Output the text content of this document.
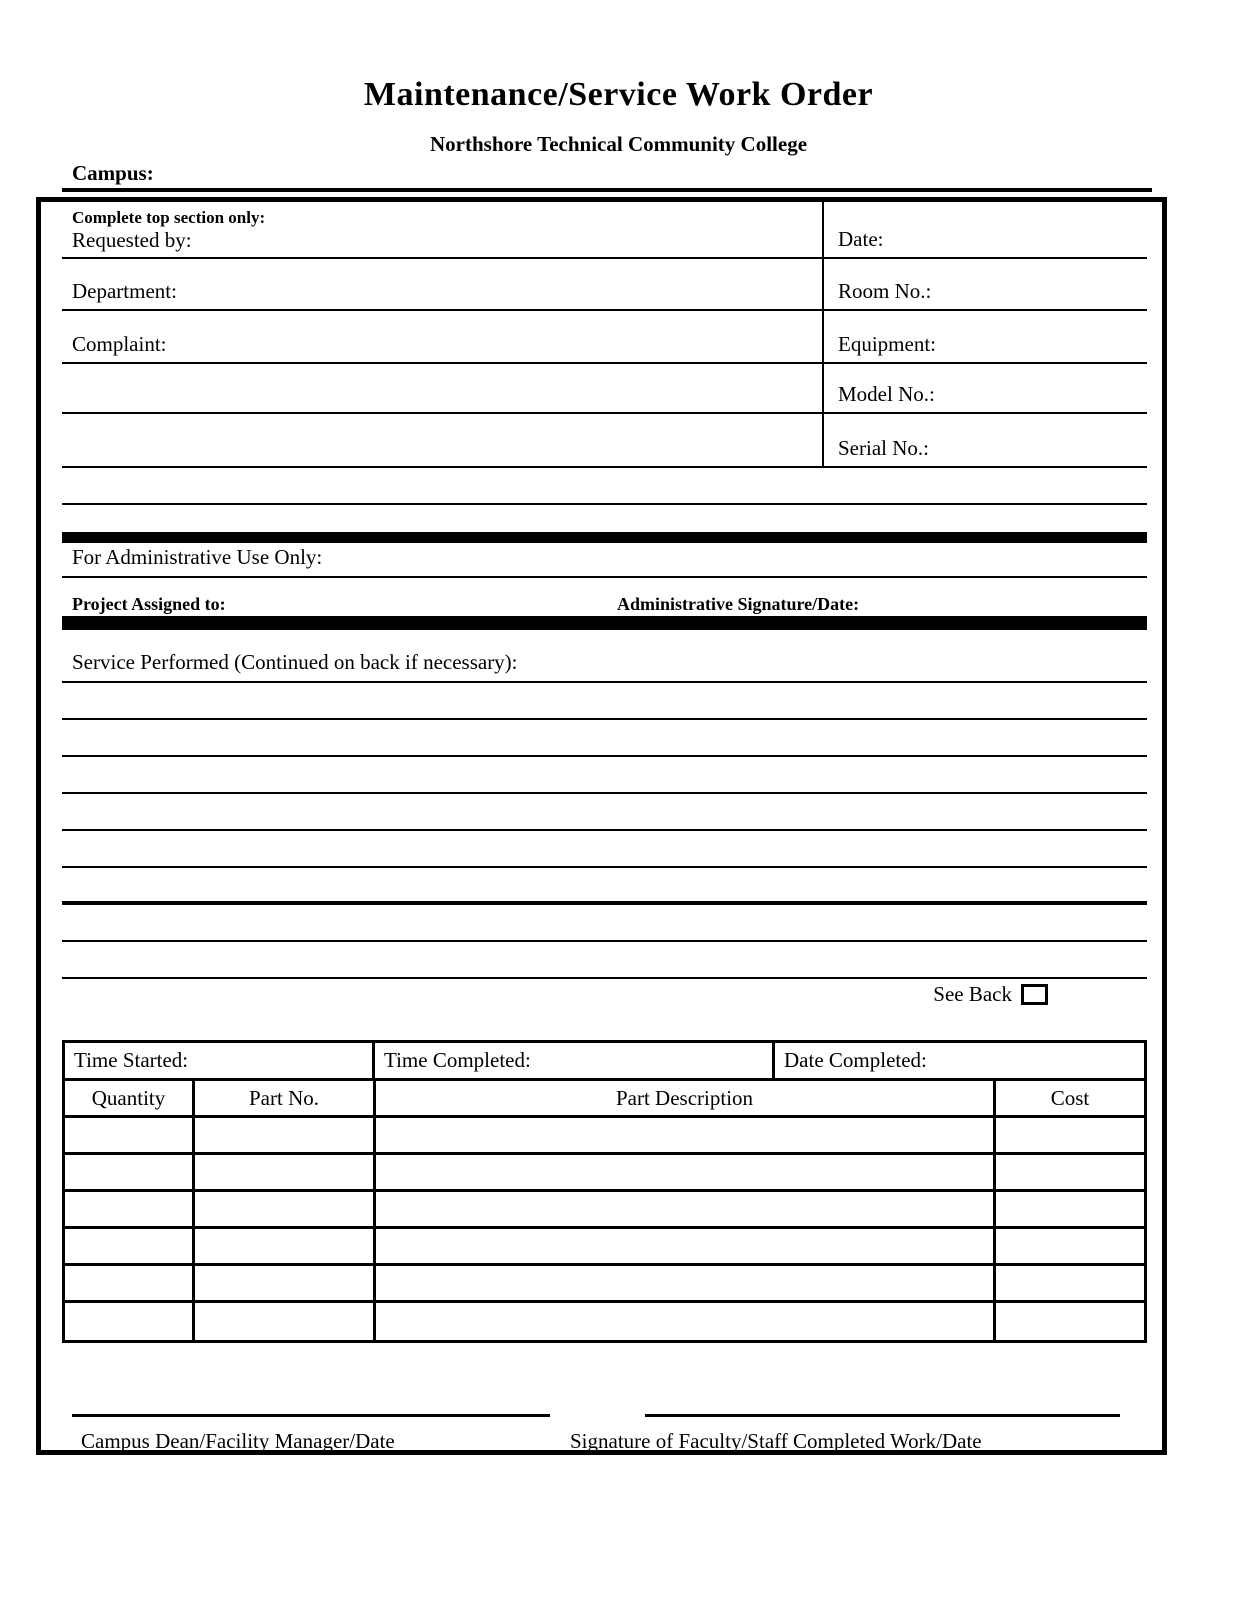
Maintenance/Service Work Order
Northshore Technical Community College
Campus:
Complete top section only:
Requested by:	Date:
Department:	Room No.:
Complaint:	Equipment:
Model No.:
Serial No.:
For Administrative Use Only:
Project Assigned to:	Administrative Signature/Date:
Service Performed (Continued on back if necessary):
See Back
Time Started:	Time Completed:	Date Completed:
Quantity	Part No.	Part Description	Cost
Campus Dean/Facility Manager/Date	Signature of Faculty/Staff Completed Work/Date
